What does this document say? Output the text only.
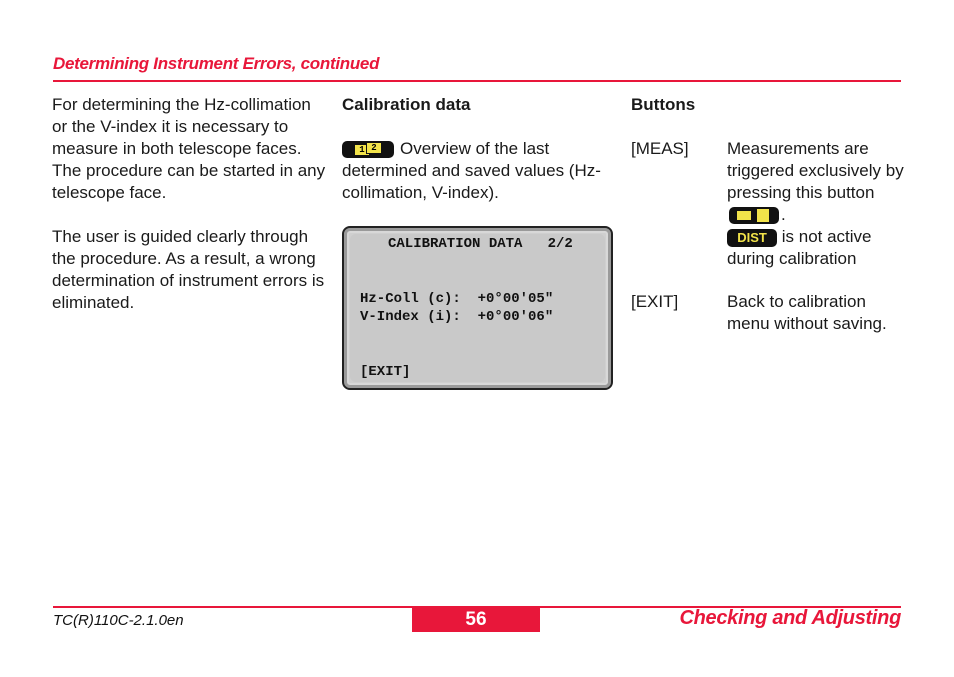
Determining Instrument Errors, continued

For determining the Hz-collimation or the V-index it is necessary to measure in both telescope faces. The procedure can be started in any telescope face.

The user is guided clearly through the procedure. As a result, a wrong determination of instrument errors is eliminated.

Calibration data
1 2	Overview of the last determined and saved values (Hz-collimation, V-index).
CALIBRATION DATA   2/2
Hz-Coll (c):  +0°00'05"
V-Index (i):  +0°00'06"
[EXIT]
Buttons
[MEAS] Measurements are triggered exclusively by pressing this button
.
DIST is not active during calibration
[EXIT]	Back to calibration menu without saving.
TC(R)110C-2.1.0en	56	Checking and Adjusting
